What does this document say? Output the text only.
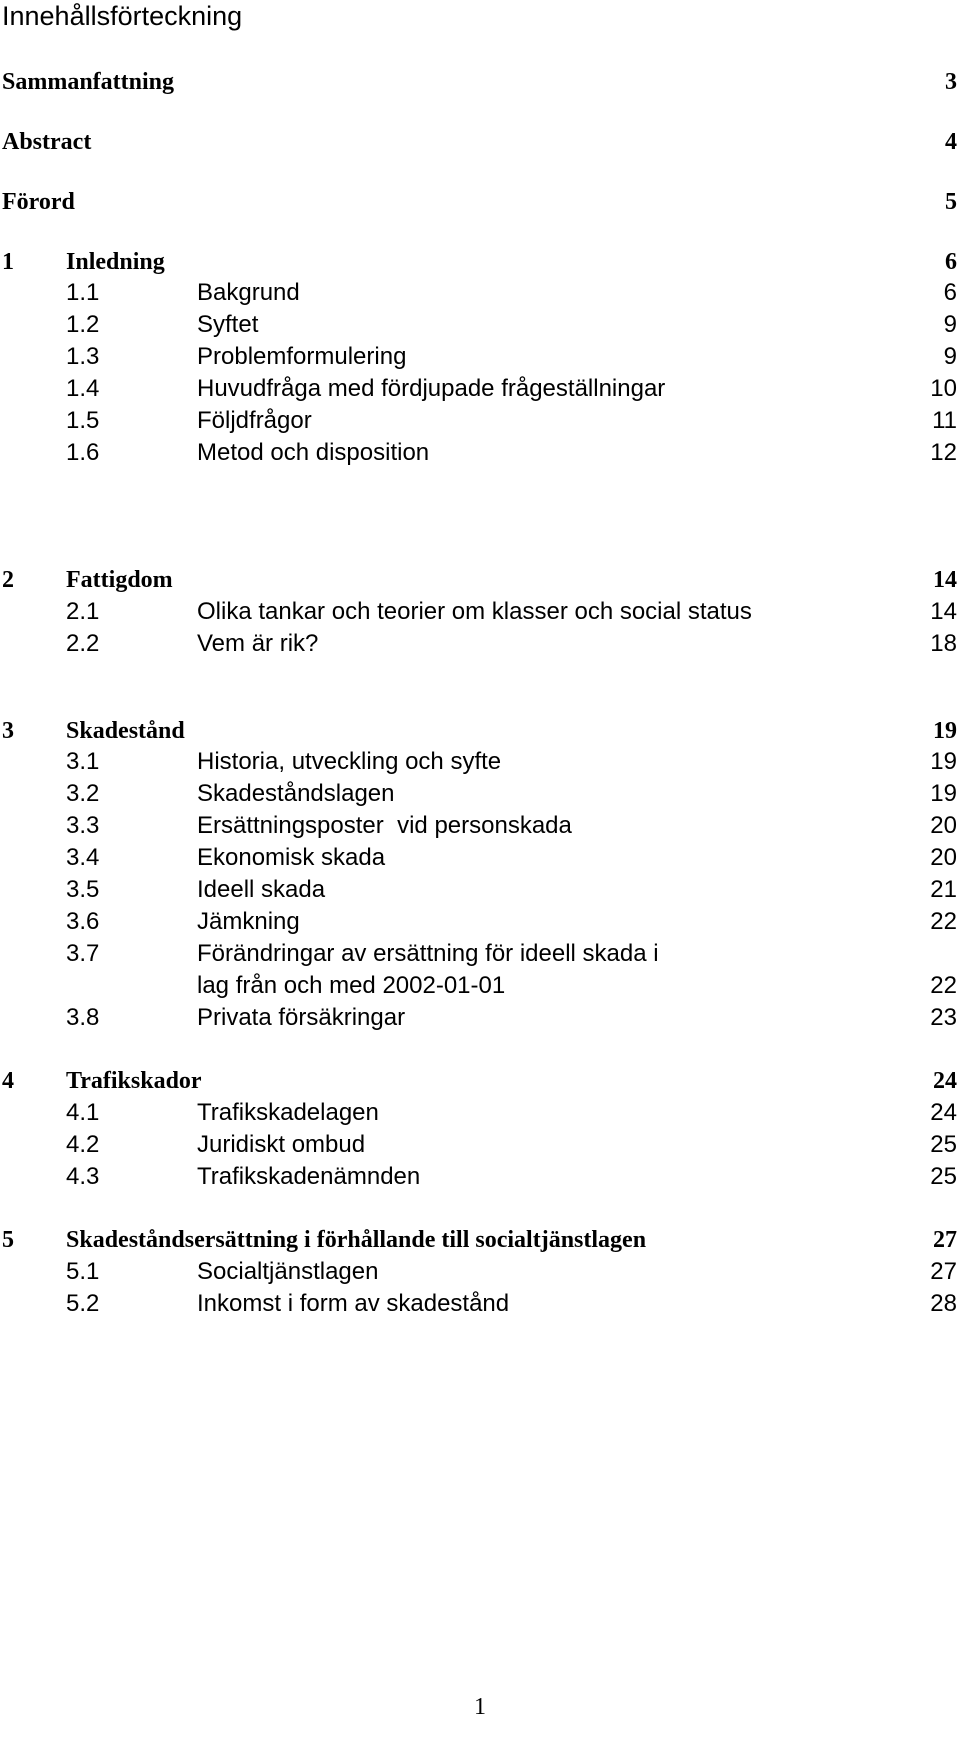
Innehållsförteckning
Sammanfattning	3
Abstract	4
Förord	5
1 Inledning	6
1.1	Bakgrund	6
1.2	Syftet	9
1.3	Problemformulering	9
1.4	Huvudfråga med fördjupade frågeställningar	10
1.5	Följdfrågor	11
1.6	Metod och disposition	12
2 Fattigdom	14
2.1	Olika tankar och teorier om klasser och social status	14
2.2	Vem är rik?	18
3 Skadestånd	19
3.1	Historia, utveckling och syfte	19
3.2	Skadeståndslagen	19
3.3	Ersättningsposter  vid personskada	20
3.4	Ekonomisk skada	20
3.5	Ideell skada	21
3.6	Jämkning	22
3.7	Förändringar av ersättning för ideell skada i
lag från och med 2002-01-01	22
3.8	Privata försäkringar	23
4 Trafikskador	24
4.1	Trafikskadelagen	24
4.2	Juridiskt ombud	25
4.3	Trafikskadenämnden	25
5 Skadeståndsersättning i förhållande till socialtjänstlagen	27
5.1	Socialtjänstlagen	27
5.2	Inkomst i form av skadestånd	28
1
